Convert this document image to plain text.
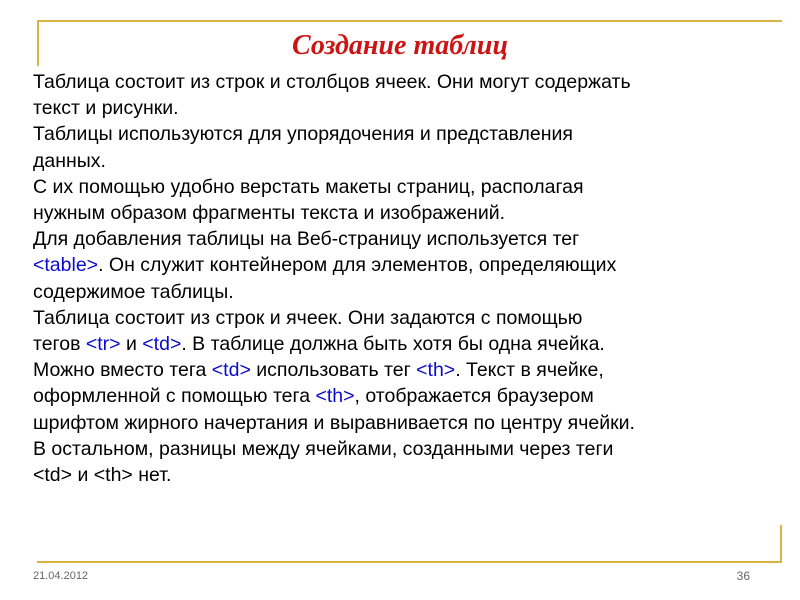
Создание таблиц
Таблица состоит из строк и столбцов ячеек. Они могут содержать
текст и рисунки.
Таблицы используются для упорядочения и представления
данных.
С их помощью удобно верстать макеты страниц, располагая
нужным образом фрагменты текста и изображений.
Для добавления таблицы на Веб-страницу используется тег
<table>. Он служит контейнером для элементов, определяющих
содержимое таблицы.
Таблица состоит из строк и ячеек. Они задаются с помощью
тегов <tr> и <td>. В таблице должна быть хотя бы одна ячейка.
Можно вместо тега <td> использовать тег <th>. Текст в ячейке,
оформленной с помощью тега <th>, отображается браузером
шрифтом жирного начертания и выравнивается по центру ячейки.
В остальном, разницы между ячейками, созданными через теги
<td> и <th> нет.
21.04.2012	36
